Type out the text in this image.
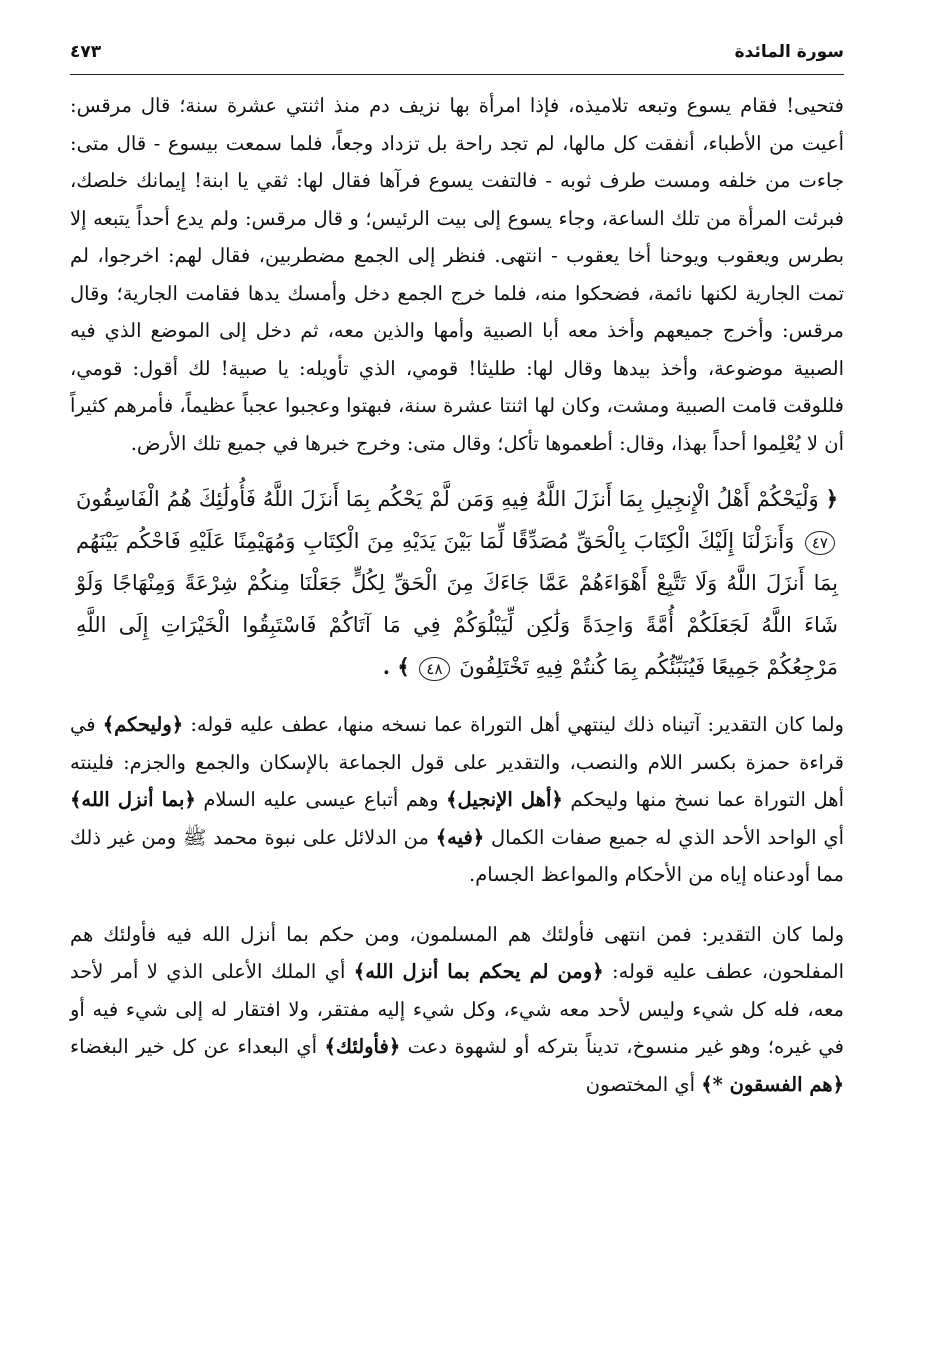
سورة المائدة
٤٧٣

فتحيى! فقام يسوع وتبعه تلاميذه، فإذا امرأة بها نزيف دم منذ اثنتي عشرة سنة؛ قال مرقس: أعيت من الأطباء، أنفقت كل مالها، لم تجد راحة بل تزداد وجعاً، فلما سمعت بيسوع - قال متى: جاءت من خلفه ومست طرف ثوبه - فالتفت يسوع فرآها فقال لها: ثقي يا ابنة! إيمانك خلصك، فبرئت المرأة من تلك الساعة، وجاء يسوع إلى بيت الرئيس؛ و قال مرقس: ولم يدع أحداً يتبعه إلا بطرس ويعقوب ويوحنا أخا يعقوب - انتهى. فنظر إلى الجمع مضطربين، فقال لهم: اخرجوا، لم تمت الجارية لكنها نائمة، فضحكوا منه، فلما خرج الجمع دخل وأمسك يدها فقامت الجارية؛ وقال مرقس: وأخرج جميعهم وأخذ معه أبا الصبية وأمها والذين معه، ثم دخل إلى الموضع الذي فيه الصبية موضوعة، وأخذ بيدها وقال لها: طليثا! قومي، الذي تأويله: يا صبية! لك أقول: قومي، فللوقت قامت الصبية ومشت، وكان لها اثنتا عشرة سنة، فبهتوا وعجبوا عجباً عظيماً، فأمرهم كثيراً أن لا يُعْلِموا أحداً بهذا، وقال: أطعموها تأكل؛ وقال متى: وخرج خبرها في جميع تلك الأرض.

﴿ وَلْيَحْكُمْ أَهْلُ الْإِنجِيلِ بِمَا أَنزَلَ اللَّهُ فِيهِ وَمَن لَّمْ يَحْكُم بِمَا أَنزَلَ اللَّهُ فَأُولَٰئِكَ هُمُ الْفَاسِقُونَ ٤٧ وَأَنزَلْنَا إِلَيْكَ الْكِتَابَ بِالْحَقِّ مُصَدِّقًا لِّمَا بَيْنَ يَدَيْهِ مِنَ الْكِتَابِ وَمُهَيْمِنًا عَلَيْهِ فَاحْكُم بَيْنَهُم بِمَا أَنزَلَ اللَّهُ وَلَا تَتَّبِعْ أَهْوَاءَهُمْ عَمَّا جَاءَكَ مِنَ الْحَقِّ لِكُلٍّ جَعَلْنَا مِنكُمْ شِرْعَةً وَمِنْهَاجًا وَلَوْ شَاءَ اللَّهُ لَجَعَلَكُمْ أُمَّةً وَاحِدَةً وَلَٰكِن لِّيَبْلُوَكُمْ فِي مَا آتَاكُمْ فَاسْتَبِقُوا الْخَيْرَاتِ إِلَى اللَّهِ مَرْجِعُكُمْ جَمِيعًا فَيُنَبِّئُكُم بِمَا كُنتُمْ فِيهِ تَخْتَلِفُونَ ٤٨ ﴾ .

ولما كان التقدير: آتيناه ذلك لينتهي أهل التوراة عما نسخه منها، عطف عليه قوله: ﴿وليحكم﴾ في قراءة حمزة بكسر اللام والنصب، والتقدير على قول الجماعة بالإسكان والجمع والجزم: فلينته أهل التوراة عما نسخ منها وليحكم ﴿أهل الإنجيل﴾ وهم أتباع عيسى عليه السلام ﴿بما أنزل الله﴾ أي الواحد الأحد الذي له جميع صفات الكمال ﴿فيه﴾ من الدلائل على نبوة محمد ﷺ ومن غير ذلك مما أودعناه إياه من الأحكام والمواعظ الجسام.

ولما كان التقدير: فمن انتهى فأولئك هم المسلمون، ومن حكم بما أنزل الله فيه فأولئك هم المفلحون، عطف عليه قوله: ﴿ومن لم يحكم بما أنزل الله﴾ أي الملك الأعلى الذي لا أمر لأحد معه، فله كل شيء وليس لأحد معه شيء، وكل شيء إليه مفتقر، ولا افتقار له إلى شيء فيه أو في غيره؛ وهو غير منسوخ، تديناً بتركه أو لشهوة دعت ﴿فأولئك﴾ أي البعداء عن كل خير البغضاء ﴿هم الفسقون *﴾ أي المختصون
